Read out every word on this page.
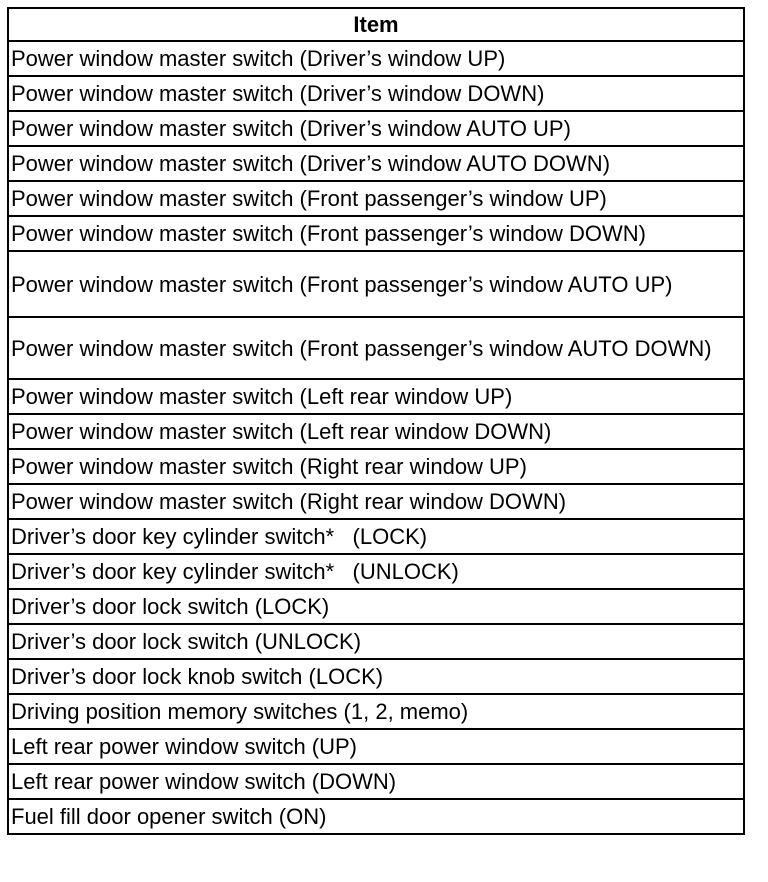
Item
Power window master switch (Driver’s window UP)
Power window master switch (Driver’s window DOWN)
Power window master switch (Driver’s window AUTO UP)
Power window master switch (Driver’s window AUTO DOWN)
Power window master switch (Front passenger’s window UP)
Power window master switch (Front passenger’s window DOWN)
Power window master switch (Front passenger’s window AUTO UP)
Power window master switch (Front passenger’s window AUTO DOWN)
Power window master switch (Left rear window UP)
Power window master switch (Left rear window DOWN)
Power window master switch (Right rear window UP)
Power window master switch (Right rear window DOWN)
Driver’s door key cylinder switch*   (LOCK)
Driver’s door key cylinder switch*   (UNLOCK)
Driver’s door lock switch (LOCK)
Driver’s door lock switch (UNLOCK)
Driver’s door lock knob switch (LOCK)
Driving position memory switches (1, 2, memo)
Left rear power window switch (UP)
Left rear power window switch (DOWN)
Fuel fill door opener switch (ON)
